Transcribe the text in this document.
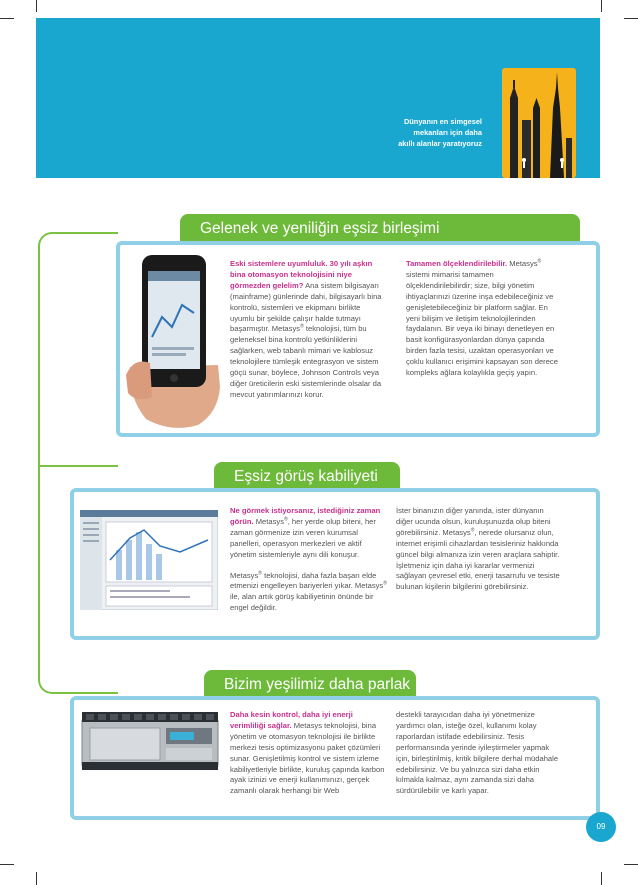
Dünyanın en simgesel
mekanları için daha
akıllı alanlar yaratıyoruz
Gelenek ve yeniliğin eşsiz birleşimi
Eski sistemlere uyumluluk. 30 yılı aşkın bina otomasyon teknolojisini niye görmezden gelelim? Ana sistem bilgisayarı (mainframe) günlerinde dahi, bilgisayarlı bina kontrolü, sistemleri ve ekipmanı birlikte uyumlu bir şekilde çalışır halde tutmayı başarmıştır. Metasys® teknolojisi, tüm bu geleneksel bina kontrolü yetkinliklerini sağlarken, web tabanlı mimari ve kablosuz teknolojilere tümleşik entegrasyon ve sistem göçü sunar, böylece, Johnson Controls veya diğer üreticilerin eski sistemlerinde olsalar da mevcut yatırımlarınızı korur.
Tamamen ölçeklendirilebilir. Metasys® sistemi mimarisi tamamen ölçeklendirilebilirdir; size, bilgi yönetim ihtiyaçlarınızi üzerine inşa edebileceğiniz ve genişletebileceğiniz bir platform sağlar. En yeni bilişim ve iletişim teknolojilerinden faydalanın. Bir veya iki binayı denetleyen en basit konfigürasyonlardan dünya çapında birden fazla tesisi, uzaktan operasyonları ve çoklu kullanıcı erişimini kapsayan son derece kompleks ağlara kolaylıkla geçiş yapın.
Eşsiz görüş kabiliyeti

Ne görmek istiyorsanız, istediğiniz zaman görün. Metasys®, her yerde olup biteni, her zaman görmenize izin veren kurumsal panelleri, operasyon merkezleri ve aktif yönetim sistemleriyle aynı dili konuşur.

Metasys® teknolojisi, daha fazla başarı elde etmenizi engelleyen bariyerleri yıkar. Metasys® ile, alan artık görüş kabiliyetinin önünde bir engel değildir.

İster binanızın diğer yanında, ister dünyanın diğer ucunda olsun, kuruluşunuzda olup biteni görebilirsiniz. Metasys®, nerede olursanız olun, internet erişimli cihazlardan tesisleriniz hakkında güncel bilgi almanıza izin veren araçlara sahiptir. İşletmeniz için daha iyi kararlar vermenizi sağlayan çevresel etki, enerji tasarrufu ve tesiste bulunan kişilerin bilgilerini görebilirsiniz.
Bizim yeşilimiz daha parlak
Daha kesin kontrol, daha iyi enerji verimliliği sağlar. Metasys teknolojisi, bina yönetim ve otomasyon teknolojisi ile birlikte merkezi tesis optimizasyonu paket çözümleri sunar. Genişletilmiş kontrol ve sistem izleme kabiliyetleriyle birlikte, kuruluş çapında karbon ayak izinizi ve enerji kullanımınızı, gerçek zamanlı olarak herhangi bir Web
destekli tarayıcıdan daha iyi yönetmenize yardımcı olan, isteğe özel, kullanımı kolay raporlardan istifade edebilirsiniz. Tesis performansında yerinde iyileştirmeler yapmak için, birleştirilmiş, kritik bilgilere derhal müdahale edebilirsiniz. Ve bu yalnızca sizi daha etkin kılmakla kalmaz, aynı zamanda sizi daha sürdürülebilir ve karlı yapar.
09
